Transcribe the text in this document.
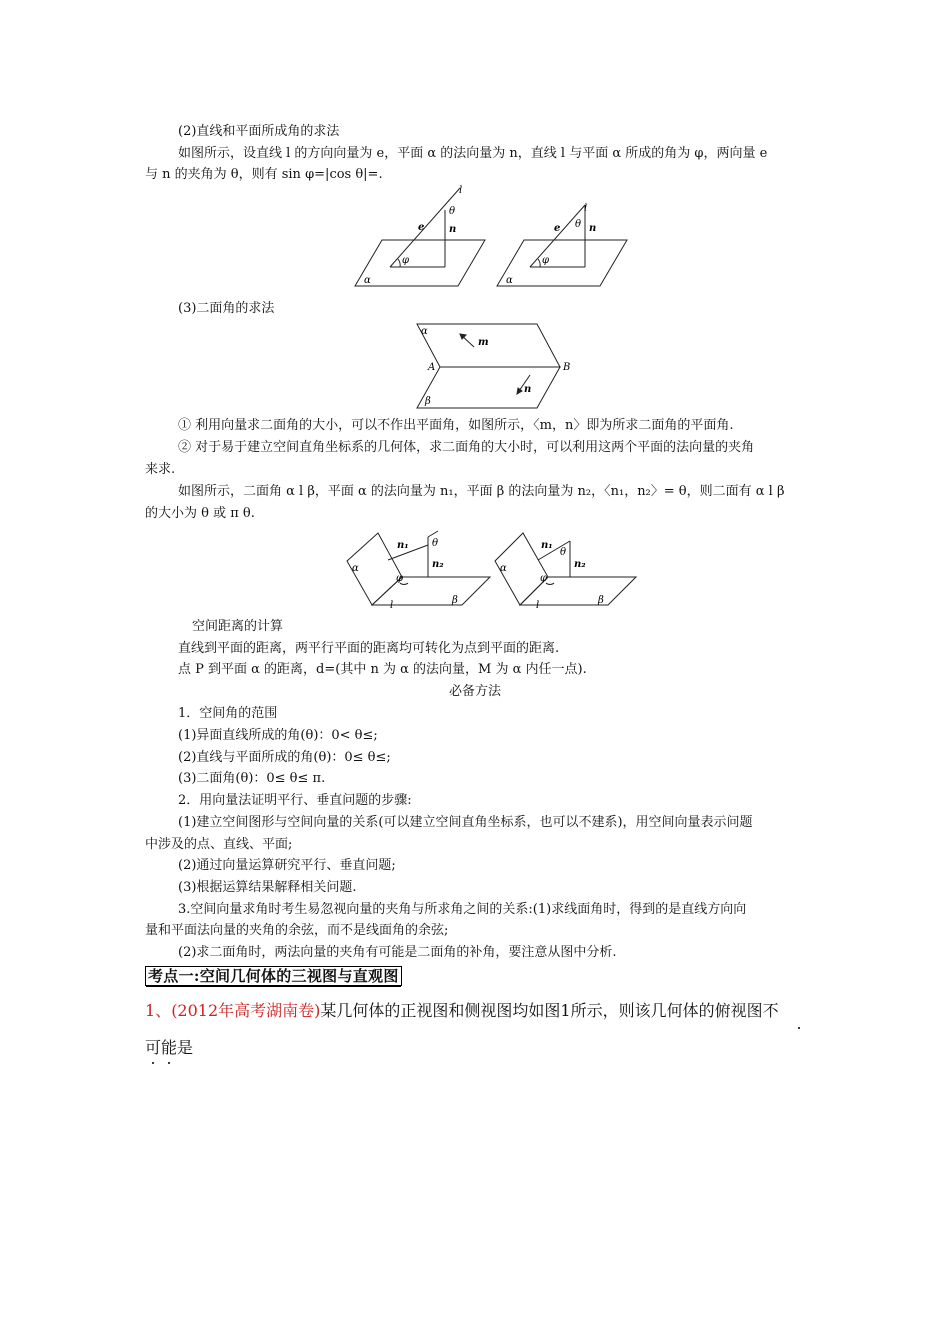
(2)直线和平面所成角的求法
如图所示，设直线 l 的方向向量为 e，平面 α 的法向量为 n，直线 l 与平面 α 所成的角为 φ，两向量 e
与 n 的夹角为 θ，则有 sin φ=|cos θ|=.
l
θ
e n
φ
α
l
θ
e	n
φ
α
(3)二面角的求法
α
β
A	B
m
n
① 利用向量求二面角的大小，可以不作出平面角，如图所示，〈m，n〉即为所求二面角的平面角.
② 对于易于建立空间直角坐标系的几何体，求二面角的大小时，可以利用这两个平面的法向量的夹角
来求.
如图所示，二面角 α l β，平面 α 的法向量为 n₁，平面 β 的法向量为 n₂，〈n₁，n₂〉= θ，则二面有 α l β
的大小为 θ 或 π θ.
n₁ θ
n₂
φ
α
β
l
n₁
θ
n₂
φ
α
β
l
空间距离的计算
直线到平面的距离，两平行平面的距离均可转化为点到平面的距离.
点 P 到平面 α 的距离，d=(其中 n 为 α 的法向量，M 为 α 内任一点).
必备方法
1．空间角的范围
(1)异面直线所成的角(θ)：0< θ≤;
(2)直线与平面所成的角(θ)：0≤ θ≤;
(3)二面角(θ)：0≤ θ≤ π.
2．用向量法证明平行、垂直问题的步骤:
(1)建立空间图形与空间向量的关系(可以建立空间直角坐标系，也可以不建系)，用空间向量表示问题
中涉及的点、直线、平面;
(2)通过向量运算研究平行、垂直问题;
(3)根据运算结果解释相关问题.
3.空间向量求角时考生易忽视向量的夹角与所求角之间的关系:(1)求线面角时，得到的是直线方向向
量和平面法向量的夹角的余弦，而不是线面角的余弦;
(2)求二面角时，两法向量的夹角有可能是二面角的补角，要注意从图中分析.
考点一:空间几何体的三视图与直观图
1、(2012年高考湖南卷)某几何体的正视图和侧视图均如图1所示，则该几何体的俯视图不
可能是
